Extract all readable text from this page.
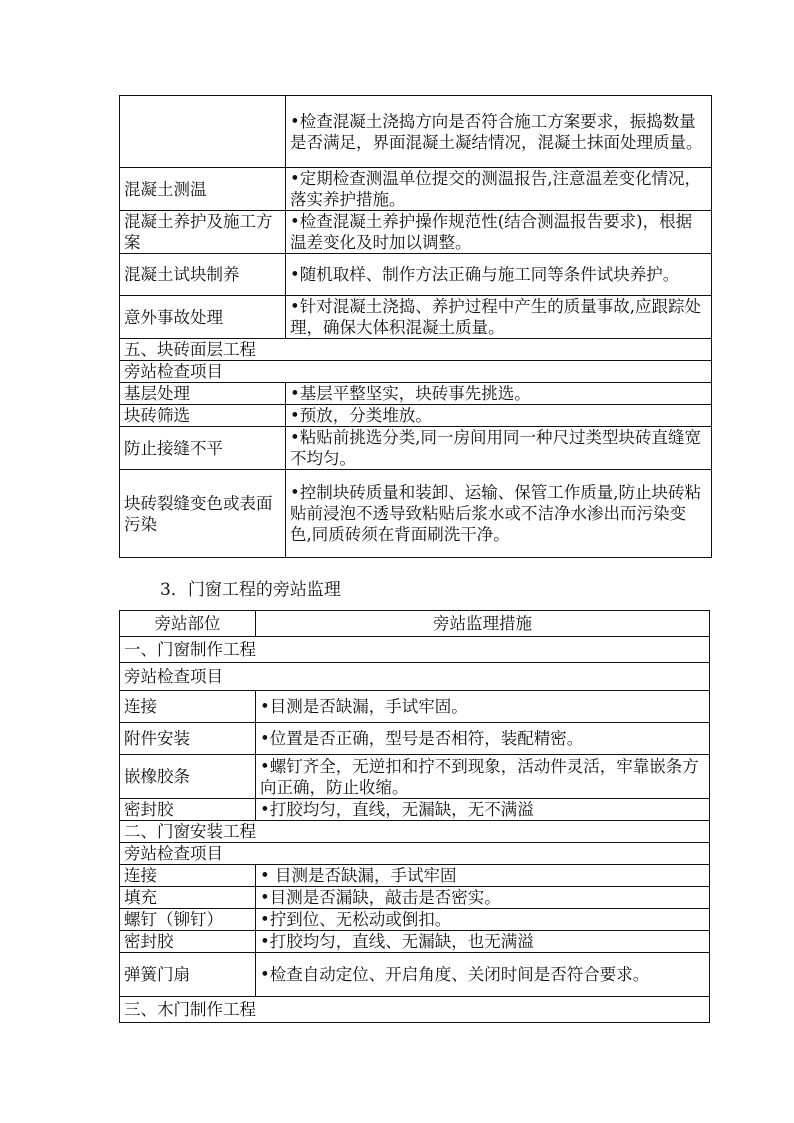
	•检查混凝土浇捣方向是否符合施工方案要求，振捣数量是否满足，界面混凝土凝结情况，混凝土抹面处理质量。
混凝土测温	•定期检查测温单位提交的测温报告,注意温差变化情况，落实养护措施。
混凝土养护及施工方案	•检查混凝土养护操作规范性(结合测温报告要求)，根据温差变化及时加以调整。
混凝土试块制养	•随机取样、制作方法正确与施工同等条件试块养护。
意外事故处理	•针对混凝土浇捣、养护过程中产生的质量事故,应跟踪处理，确保大体积混凝土质量。
五、块砖面层工程	
旁站检查项目	
基层处理	•基层平整坚实，块砖事先挑选。
块砖筛选	•预放，分类堆放。
防止接缝不平	•粘贴前挑选分类,同一房间用同一种尺过类型块砖直缝宽不均匀。
块砖裂缝变色或表面污染	•控制块砖质量和装卸、运输、保管工作质量,防止块砖粘贴前浸泡不透导致粘贴后浆水或不洁净水渗出而污染变色,同质砖须在背面刷洗干净。
3．门窗工程的旁站监理
旁站部位	旁站监理措施
一、门窗制作工程	
旁站检查项目	
连接	•目测是否缺漏，手试牢固。
附件安装	•位置是否正确，型号是否相符，装配精密。
嵌橡胶条	•螺钉齐全，无逆扣和拧不到现象，活动件灵活，牢靠嵌条方向正确，防止收缩。
密封胶	•打胶均匀，直线，无漏缺，无不满溢
二、门窗安装工程	
旁站检查项目	
连接	• 目测是否缺漏，手试牢固
填充	•目测是否漏缺，敲击是否密实。
螺钉（铆钉）	•拧到位、无松动或倒扣。
密封胶	•打胶均匀，直线、无漏缺，也无满溢
弹簧门扇	•检查自动定位、开启角度、关闭时间是否符合要求。
三、木门制作工程	
